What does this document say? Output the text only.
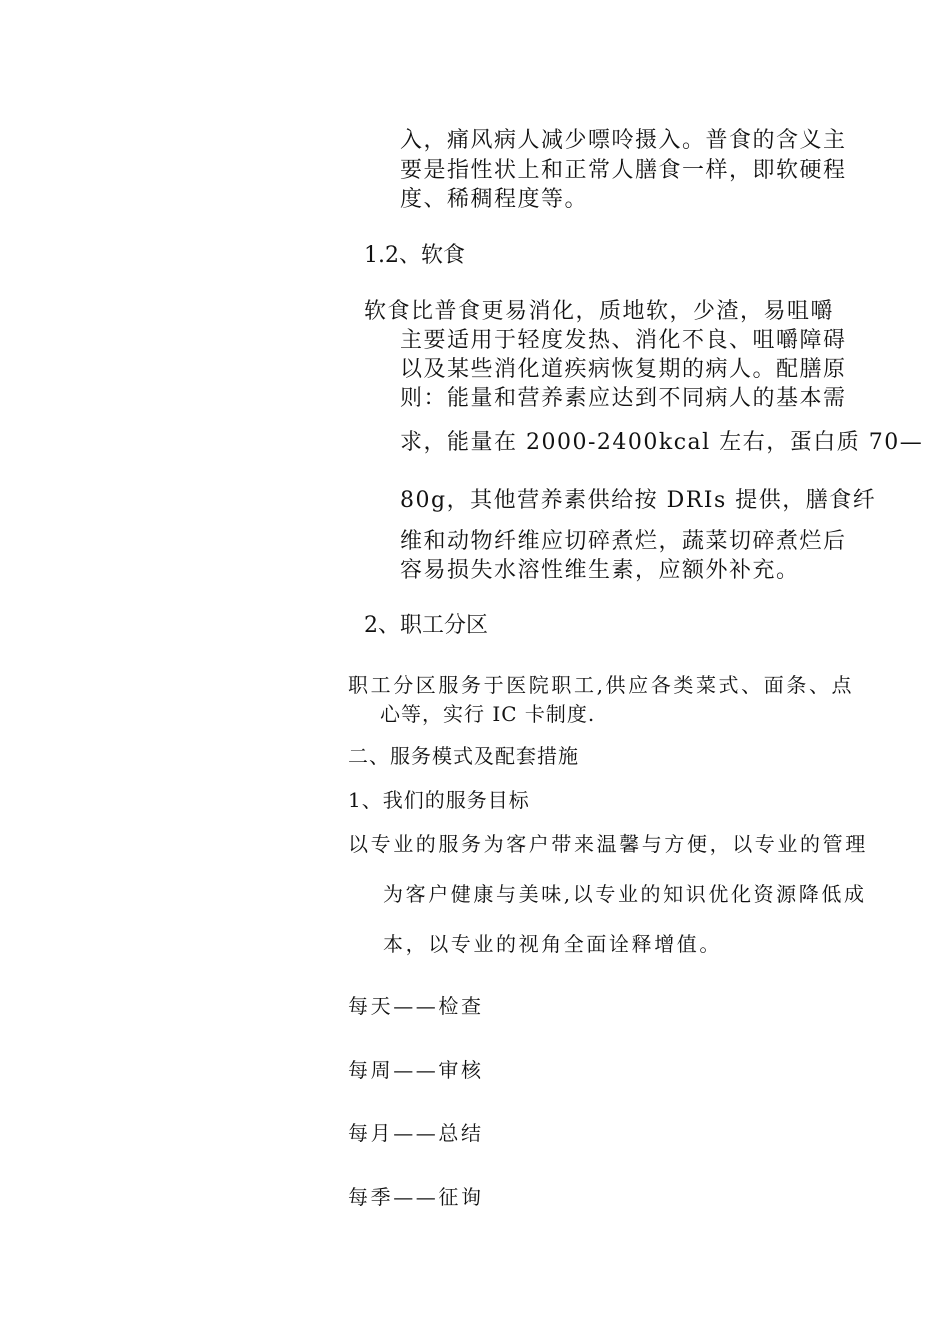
入，痛风病人减少嘌呤摄入。普食的含义主
要是指性状上和正常人膳食一样，即软硬程
度、稀稠程度等。
1.2、软食
软食比普食更易消化，质地软，少渣，易咀嚼
主要适用于轻度发热、消化不良、咀嚼障碍
以及某些消化道疾病恢复期的病人。配膳原
则：能量和营养素应达到不同病人的基本需
求，能量在 2000-2400kcal 左右，蛋白质 70—
80g，其他营养素供给按 DRIs 提供，膳食纤
维和动物纤维应切碎煮烂，蔬菜切碎煮烂后
容易损失水溶性维生素，应额外补充。
2、职工分区
职工分区服务于医院职工,供应各类菜式、面条、点
心等，实行 IC 卡制度.
二、服务模式及配套措施
1、我们的服务目标
以专业的服务为客户带来温馨与方便，以专业的管理
为客户健康与美味,以专业的知识优化资源降低成
本，以专业的视角全面诠释增值。
每天——检查
每周——审核
每月——总结
每季——征询
